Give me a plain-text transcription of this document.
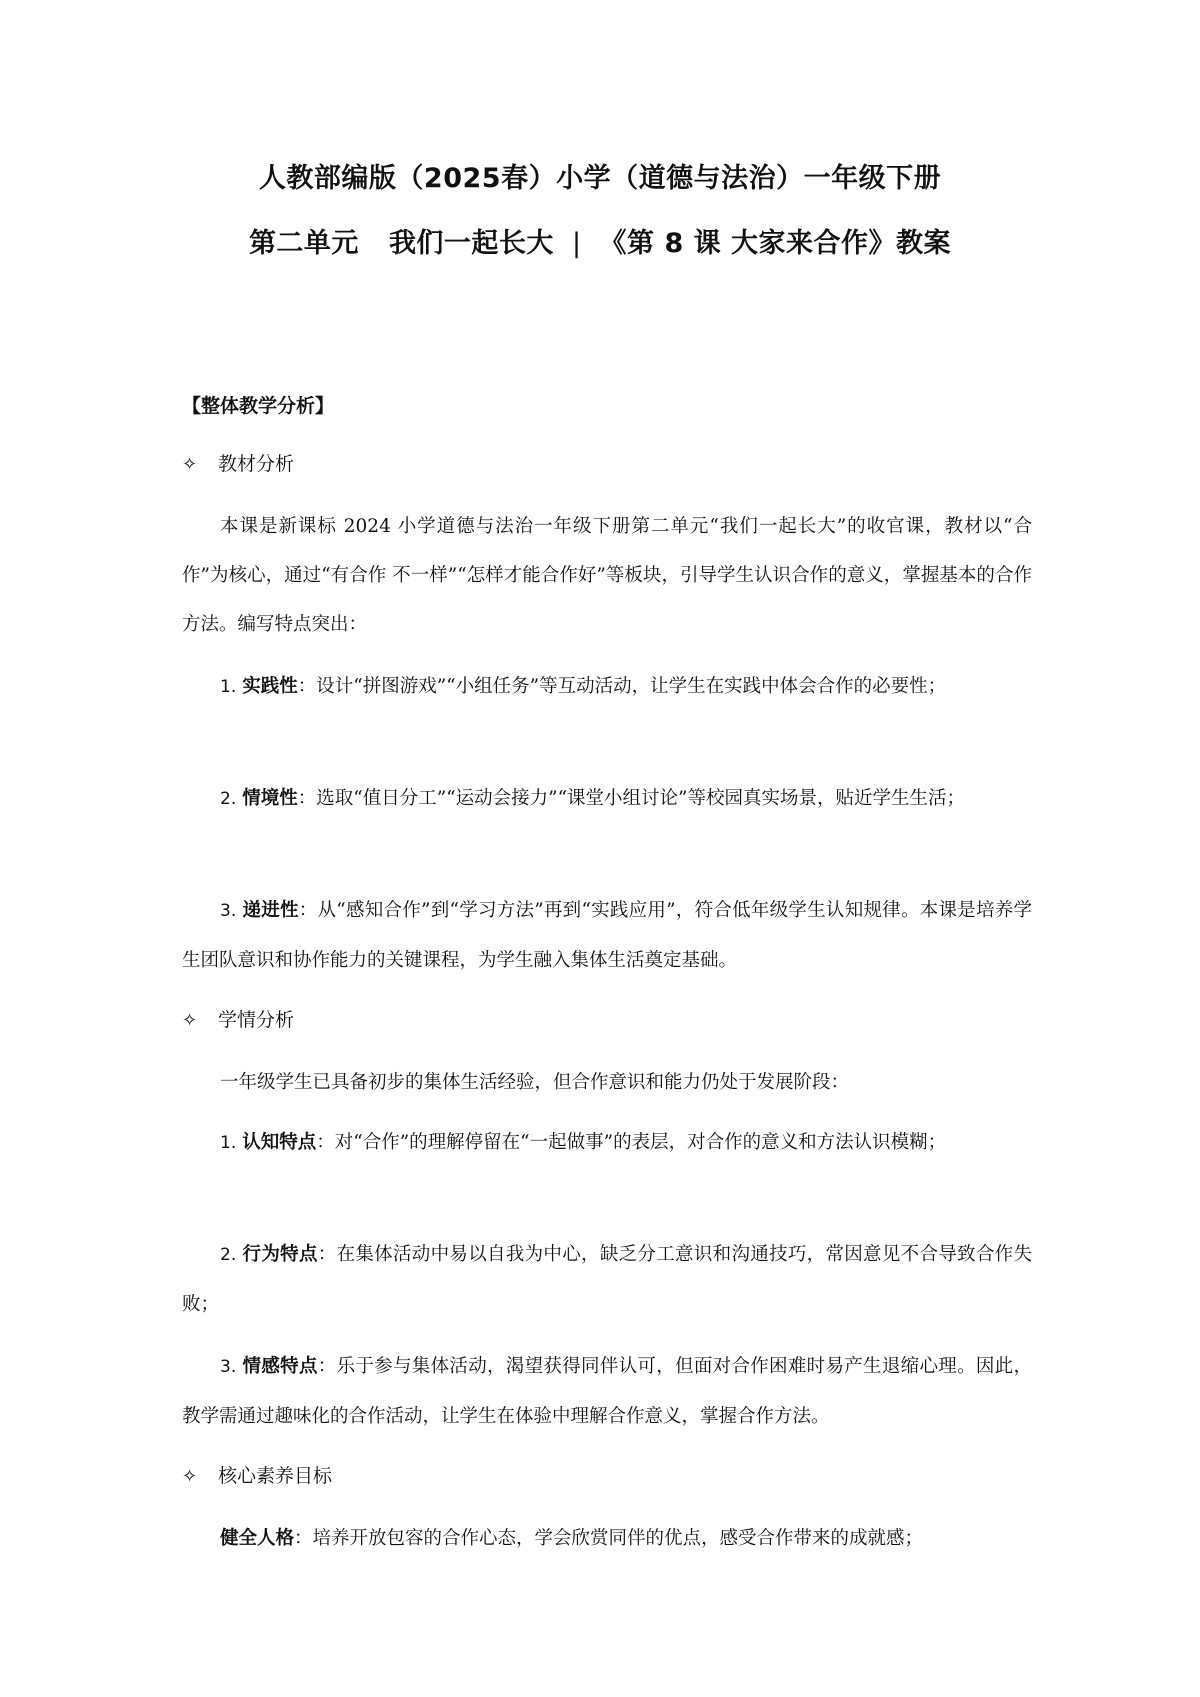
人教部编版（2025春）小学（道德与法治）一年级下册
第二单元 我们一起长大 | 《第 8 课 大家来合作》教案
【整体教学分析】
✧ 教材分析
本课是新课标 2024 小学道德与法治一年级下册第二单元“我们一起长大”的收官课，教材以“合作”为核心，通过“有合作 不一样”“怎样才能合作好”等板块，引导学生认识合作的意义，掌握基本的合作方法。编写特点突出：
1. 实践性：设计“拼图游戏”“小组任务”等互动活动，让学生在实践中体会合作的必要性；
2. 情境性：选取“值日分工”“运动会接力”“课堂小组讨论”等校园真实场景，贴近学生生活；
3. 递进性：从“感知合作”到“学习方法”再到“实践应用”，符合低年级学生认知规律。本课是培养学生团队意识和协作能力的关键课程，为学生融入集体生活奠定基础。
✧ 学情分析
一年级学生已具备初步的集体生活经验，但合作意识和能力仍处于发展阶段：
1. 认知特点：对“合作”的理解停留在“一起做事”的表层，对合作的意义和方法认识模糊；
2. 行为特点：在集体活动中易以自我为中心，缺乏分工意识和沟通技巧，常因意见不合导致合作失败；
3. 情感特点：乐于参与集体活动，渴望获得同伴认可，但面对合作困难时易产生退缩心理。因此，教学需通过趣味化的合作活动，让学生在体验中理解合作意义，掌握合作方法。
✧ 核心素养目标
健全人格：培养开放包容的合作心态，学会欣赏同伴的优点，感受合作带来的成就感；
